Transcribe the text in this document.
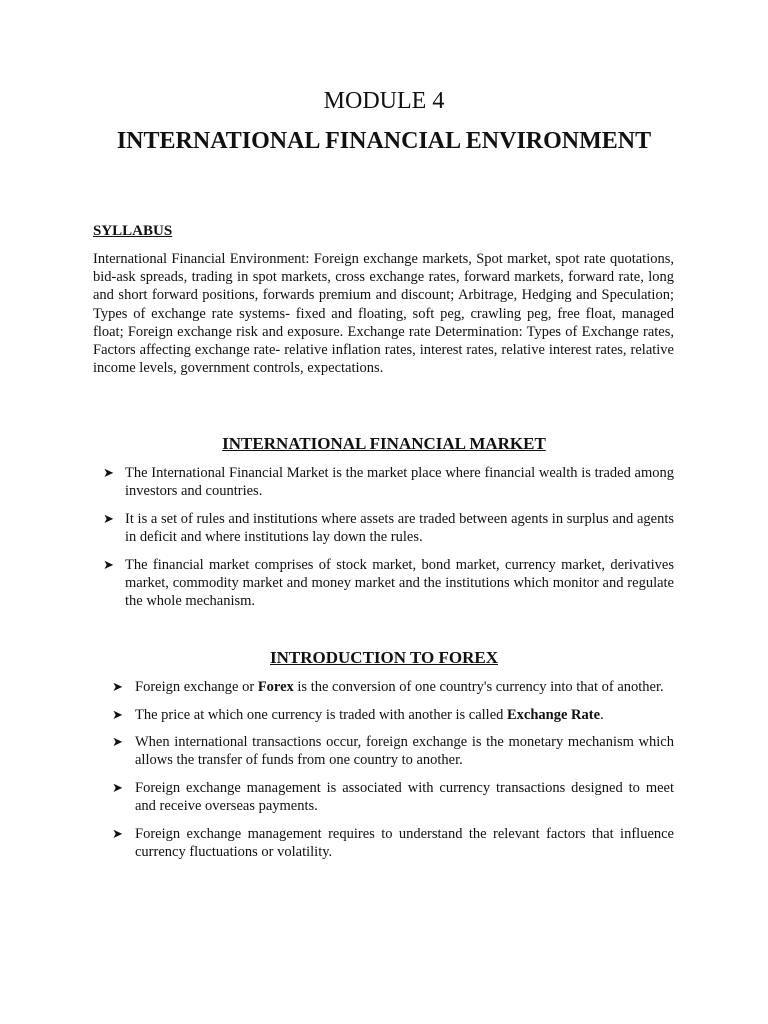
MODULE 4
INTERNATIONAL FINANCIAL ENVIRONMENT
SYLLABUS

International Financial Environment: Foreign exchange markets, Spot market, spot rate quotations, bid-ask spreads, trading in spot markets, cross exchange rates, forward markets, forward rate, long and short forward positions, forwards premium and discount; Arbitrage, Hedging and Speculation; Types of exchange rate systems- fixed and floating, soft peg, crawling peg, free float, managed float; Foreign exchange risk and exposure. Exchange rate Determination: Types of Exchange rates, Factors affecting exchange rate- relative inflation rates, interest rates, relative interest rates, relative income levels, government controls, expectations.

INTERNATIONAL FINANCIAL MARKET
➤ The International Financial Market is the market place where financial wealth is traded among investors and countries.
➤ It is a set of rules and institutions where assets are traded between agents in surplus and agents in deficit and where institutions lay down the rules.
➤ The financial market comprises of stock market, bond market, currency market, derivatives market, commodity market and money market and the institutions which monitor and regulate the whole mechanism.
INTRODUCTION TO FOREX
➤ Foreign exchange or Forex is the conversion of one country's currency into that of another.
➤ The price at which one currency is traded with another is called Exchange Rate.
➤ When international transactions occur, foreign exchange is the monetary mechanism which allows the transfer of funds from one country to another.
➤ Foreign exchange management is associated with currency transactions designed to meet and receive overseas payments.
➤ Foreign exchange management requires to understand the relevant factors that influence currency fluctuations or volatility.
